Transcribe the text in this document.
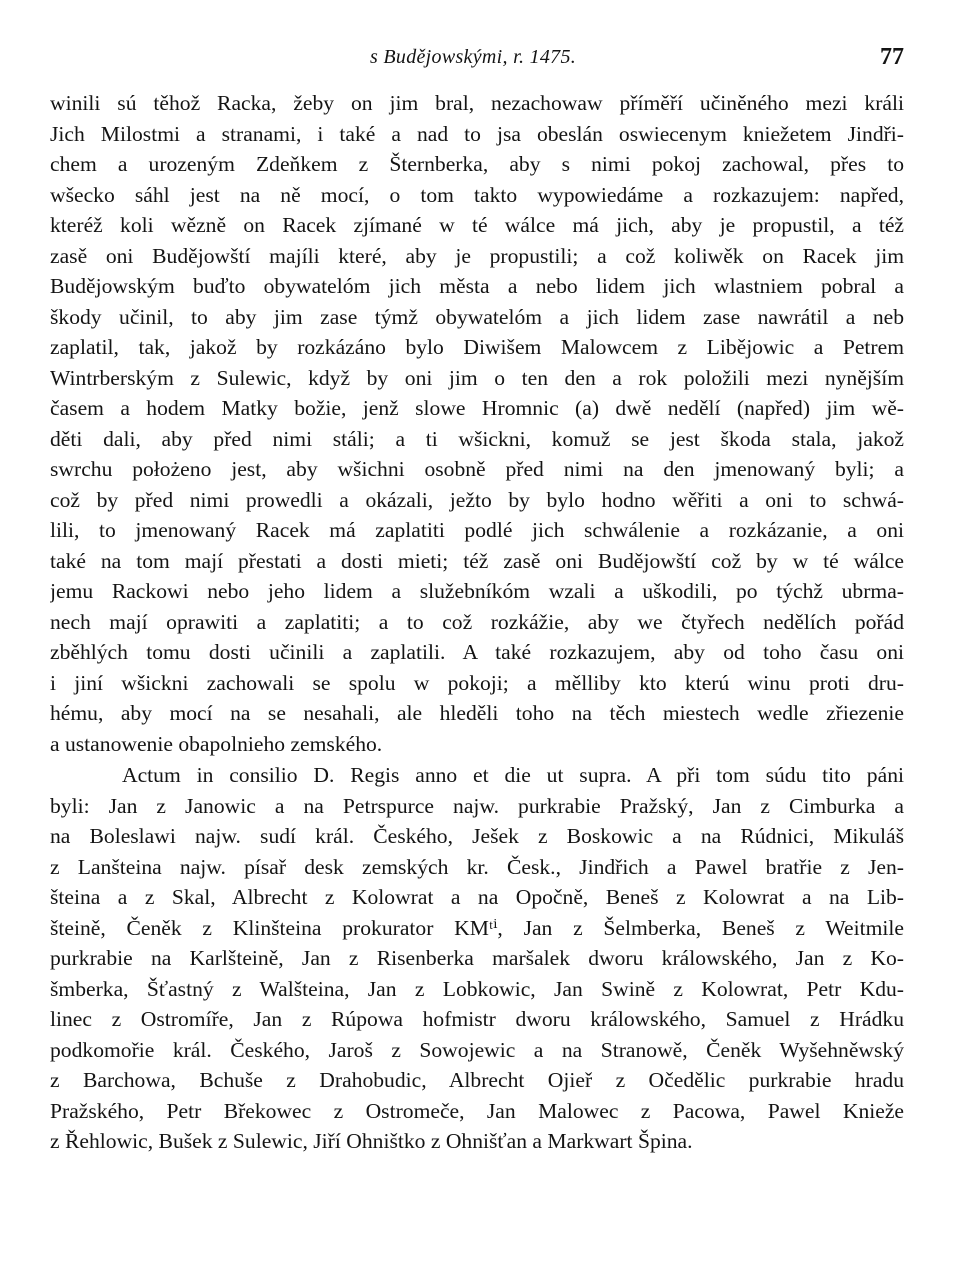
s Budějowskými, r. 1475.	77
winili sú těhož Racka, žeby on jim bral, nezachowaw příměří učiněného mezi králi
Jich Milostmi a stranami, i také a nad to jsa obeslán oswiecenym kniežetem Jindři-
chem a urozeným Zdeňkem z Šternberka, aby s nimi pokoj zachowal, přes to
wšecko sáhl jest na ně mocí, o tom takto wypowiedáme a rozkazujem: napřed,
kteréž koli wězně on Racek zjímané w té wálce má jich, aby je propustil, a též
zasě oni Budějowští majíli které, aby je propustili; a což koliwěk on Racek jim
Budějowským buďto obywatelóm jich města a nebo lidem jich wlastniem pobral a
škody učinil, to aby jim zase týmž obywatelóm a jich lidem zase nawrátil a neb
zaplatil, tak, jakož by rozkázáno bylo Diwišem Malowcem z Liběјowic a Petrem
Wintrberským z Sulewic, když by oni jim o ten den a rok položili mezi nynějším
časem a hodem Matky božie, jenž slowe Hromnic (a) dwě nedělí (napřed) jim wě-
děti dali, aby před nimi stáli; a ti wšickni, komuž se jest škoda stala, jakož
swrchu położeno jest, aby wšichni osobně před nimi na den jmenowaný byli; a
což by před nimi prowedli a okázali, ježto by bylo hodno wěřiti a oni to schwá-
lili, to jmenowaný Racek má zaplatiti podlé jich schwálenie a rozkázanie, a oni
také na tom mají přestati a dosti mieti; též zasě oni Budějowští což by w té wálce
jemu Rackowi nebo jeho lidem a služebníkóm wzali a uškodili, po týchž ubrma-
nech mají oprawiti a zaplatiti; a to což rozkážie, aby we čtyřech nedělích pořád
zběhlých tomu dosti učinili a zaplatili. A také rozkazujem, aby od toho času oni
i jiní wšickni zachowali se spolu w pokoji; a měllibу kto kterú winu proti dru-
hému, aby mocí na se nesahali, ale hleděli toho na těch miestech wedle zřiezenie
a ustanowenie obapolnieho zemského.
Actum in consilio D. Regis anno et die ut supra. A při tom súdu tito páni
byli: Jan z Janowic a na Petrspurce najw. purkrabie Pražský, Jan z Cimburka a
na Boleslawi najw. sudí král. Českého, Ješek z Boskowic a na Rúdnici, Mikuláš
z Lanšteina najw. písař desk zemských kr. Česk., Jindřich a Pawel bratřie z Jen-
šteina a z Skal, Albrecht z Kolowrat a na Opočně, Beneš z Kolowrat a na Lib-
šteině, Čeněk z Klinšteina prokurator KMᵗⁱ, Jan z Šelmberka, Beneš z Weitmile
purkrabie na Karlšteině, Jan z Risenberka maršalek dworu králowského, Jan z Ko-
šmberka, Šťastný z Walšteina, Jan z Lobkowic, Jan Swině z Kolowrat, Petr Kdu-
linec z Ostromíře, Jan z Rúpowa hofmistr dworu králowského, Samuel z Hrádku
podkomořie král. Českého, Jaroš z Sowojewic a na Stranowě, Čeněk Wyšehněwský
z Barchowa, Bchuše z Drahobudic, Albrecht Ojieř z Očedělic purkrabie hradu
Pražského, Petr Břekowec z Ostromeče, Jan Malowec z Pacowa, Pawel Knieže
z Řehlowic, Bušek z Sulewic, Jiří Ohništko z Ohnišťan a Markwart Špina.
